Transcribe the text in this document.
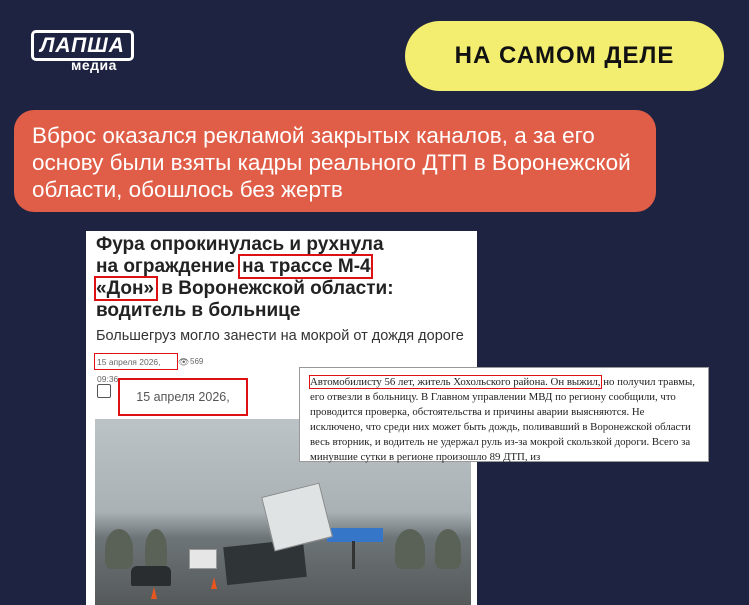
ЛАПША
медиа	НА САМОМ ДЕЛЕ
Вброс оказался рекламой закрытых каналов, а за его основу были взяты кадры реального ДТП в Воронежской области, обошлось без жертв
Фура опрокинулась и рухнула на ограждение на трассе М-4 «Дон» в Воронежской области: водитель в больнице
Большегруз могло занести на мокрой от дождя дороге
15 апреля 2026, 09:36
👁 569
15 апреля 2026,
Автомобилисту 56 лет, житель Хохольского района. Он выжил, но получил травмы, его отвезли в больницу. В Главном управлении МВД по региону сообщили, что проводится проверка, обстоятельства и причины аварии выясняются. Не исключено, что среди них может быть дождь, поливавший в Воронежской области весь вторник, и водитель не удержал руль из-за мокрой скользкой дороги. Всего за минувшие сутки в регионе произошло 89 ДТП, из
